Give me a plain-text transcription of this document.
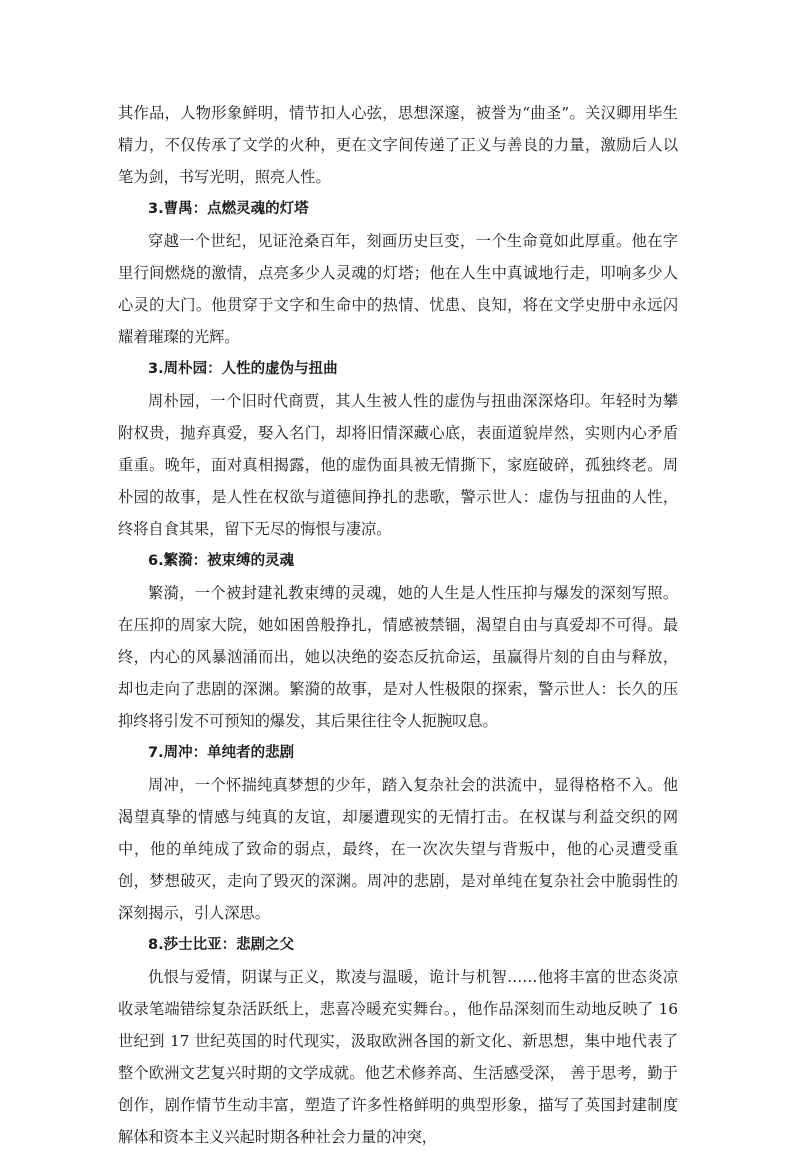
其作品，人物形象鲜明，情节扣人心弦，思想深邃，被誉为“曲圣”。关汉卿用毕生精力，不仅传承了文学的火种，更在文字间传递了正义与善良的力量，激励后人以笔为剑，书写光明，照亮人性。

3.曹禺：点燃灵魂的灯塔

穿越一个世纪，见证沧桑百年，刻画历史巨变，一个生命竟如此厚重。他在字里行间燃烧的激情，点亮多少人灵魂的灯塔；他在人生中真诚地行走，叩响多少人心灵的大门。他贯穿于文字和生命中的热情、忧患、良知，将在文学史册中永远闪耀着璀璨的光辉。

3.周朴园：人性的虚伪与扭曲

周朴园，一个旧时代商贾，其人生被人性的虚伪与扭曲深深烙印。年轻时为攀附权贵，抛弃真爱，娶入名门，却将旧情深藏心底，表面道貌岸然，实则内心矛盾重重。晚年，面对真相揭露，他的虚伪面具被无情撕下，家庭破碎，孤独终老。周朴园的故事，是人性在权欲与道德间挣扎的悲歌，警示世人：虚伪与扭曲的人性，终将自食其果，留下无尽的悔恨与凄凉。

6.繁漪：被束缚的灵魂

繁漪，一个被封建礼教束缚的灵魂，她的人生是人性压抑与爆发的深刻写照。在压抑的周家大院，她如困兽般挣扎，情感被禁锢，渴望自由与真爱却不可得。最终，内心的风暴汹涌而出，她以决绝的姿态反抗命运，虽赢得片刻的自由与释放，却也走向了悲剧的深渊。繁漪的故事，是对人性极限的探索，警示世人：长久的压抑终将引发不可预知的爆发，其后果往往令人扼腕叹息。

7.周冲：单纯者的悲剧

周冲，一个怀揣纯真梦想的少年，踏入复杂社会的洪流中，显得格格不入。他渴望真挚的情感与纯真的友谊，却屡遭现实的无情打击。在权谋与利益交织的网中，他的单纯成了致命的弱点，最终，在一次次失望与背叛中，他的心灵遭受重创，梦想破灭，走向了毁灭的深渊。周冲的悲剧，是对单纯在复杂社会中脆弱性的深刻揭示，引人深思。

8.莎士比亚：悲剧之父

仇恨与爱情，阴谋与正义，欺凌与温暖，诡计与机智……他将丰富的世态炎凉收录笔端错综复杂活跃纸上，悲喜冷暖充实舞台。，他作品深刻而生动地反映了 16 世纪到 17 世纪英国的时代现实，汲取欧洲各国的新文化、新思想，集中地代表了整个欧洲文艺复兴时期的文学成就。他艺术修养高、生活感受深， 善于思考，勤于创作，剧作情节生动丰富，塑造了许多性格鲜明的典型形象，描写了英国封建制度解体和资本主义兴起时期各种社会力量的冲突，
